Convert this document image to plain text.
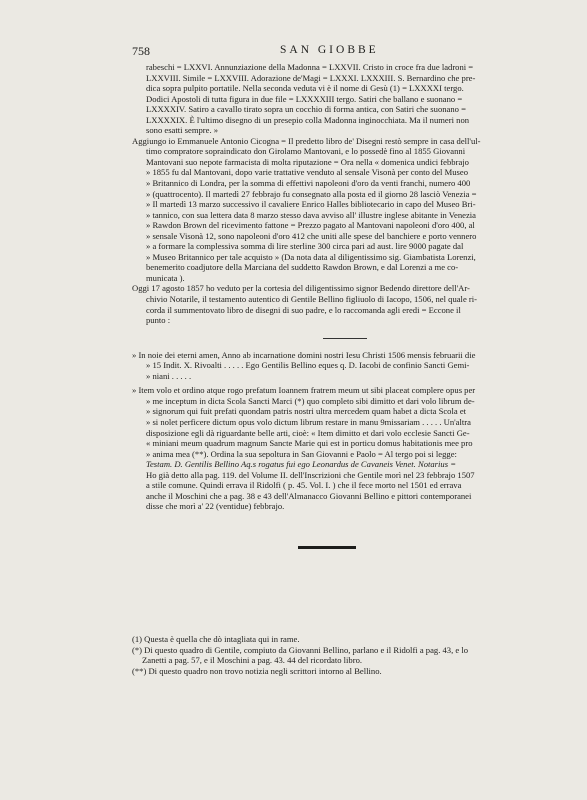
758	SAN GIOBBE

rabeschi = LXXVI. Annunziazione della Madonna = LXXVII. Cristo in croce fra due ladroni =

LXXVIII. Simile = LXXVIII. Adorazione de'Magi = LXXXI. LXXXIII. S. Bernardino che pre-

dica sopra pulpito portatile. Nella seconda veduta vi è il nome di Gesù (1) = LXXXXI tergo.

Dodici Apostoli di tutta figura in due file = LXXXXIII tergo. Satiri che ballano e suonano =

LXXXXIV. Satiro a cavallo tirato sopra un cocchio di forma antica, con Satiri che suonano =

LXXXXIX. È l'ultimo disegno di un presepio colla Madonna inginocchiata. Ma il numeri non

sono esatti sempre. »

Aggiungo io Emmanuele Antonio Cicogna = Il predetto libro de' Disegni restò sempre in casa dell'ul-

timo compratore sopraindicato don Girolamo Mantovani, e lo possedè fino al 1855 Giovanni

Mantovani suo nepote farmacista di molta riputazione = Ora nella « domenica undici febbrajo

» 1855 fu dal Mantovani, dopo varie trattative venduto al sensale Visonà per conto del Museo

» Britannico di Londra, per la somma di effettivi napoleoni d'oro da venti franchi, numero 400

» (quattrocento). Il martedì 27 febbrajo fu consegnato alla posta ed il giorno 28 lasciò Venezia =

» Il martedì 13 marzo successivo il cavaliere Enrico Halles bibliotecario in capo del Museo Bri-

» tannico, con sua lettera data 8 marzo stesso dava avviso all' illustre inglese abitante in Venezia

» Rawdon Brown del ricevimento fattone = Prezzo pagato al Mantovani napoleoni d'oro 400, al

» sensale Visonà 12, sono napoleoni d'oro 412 che uniti alle spese del banchiere e porto vennero

» a formare la complessiva somma di lire sterline 300 circa pari ad aust. lire 9000 pagate dal

» Museo Britannico per tale acquisto » (Da nota data al diligentissimo sig. Giambatista Lorenzi,

benemerito coadjutore della Marciana del suddetto Rawdon Brown, e dal Lorenzi a me co-

municata ).

Oggi 17 agosto 1857 ho veduto per la cortesia del diligentissimo signor Bedendo direttore dell'Ar-

chivio Notarile, il testamento autentico di Gentile Bellino figliuolo di Iacopo, 1506, nel quale ri-

corda il summentovato libro de disegni di suo padre, e lo raccomanda agli eredi = Eccone il

punto :

» In noie dei eterni amen, Anno ab incarnatione domini nostri Iesu Christi 1506 mensis februarii die

» 15 Indit. X. Rivoalti . . . . . Ego Gentilis Bellino eques q. D. Iacobi de confinio Sancti Gemi-

» niani . . . . .

» Item volo et ordino atque rogo prefatum Ioannem fratrem meum ut sibi placeat complere opus per

» me inceptum in dicta Scola Sancti Marci (*) quo completo sibi dimitto et dari volo librum de-

» signorum qui fuit prefati quondam patris nostri ultra mercedem quam habet a dicta Scola et

» si nolet perficere dictum opus volo dictum librum restare in manu 9missariam . . . . . Un'altra

disposizione egli dà riguardante belle arti, cioè: « Item dimitto et dari volo ecclesie Sancti Ge-

« miniani meum quadrum magnum Sancte Marie qui est in porticu domus habitationis mee pro

» anima mea (**). Ordina la sua sepoltura in San Giovanni e Paolo = Al tergo poi si legge:

Testam. D. Gentilis Bellino Aq.s rogatus fui ego Leonardus de Cavaneis Venet. Notarius =

Ho già detto alla pag. 119. del Volume II. dell'Inscrizioni che Gentile morì nel 23 febbrajo 1507

a stile comune. Quindi errava il Ridolfi ( p. 45. Vol. I. ) che il fece morto nel 1501 ed errava

anche il Moschini che a pag. 38 e 43 dell'Almanacco Giovanni Bellino e pittori contemporanei

disse che morì a' 22 (ventidue) febbrajo.

(1) Questa è quella che dò intagliata qui in rame.

(*) Di questo quadro di Gentile, compiuto da Giovanni Bellino, parlano e il Ridolfi a pag. 43, e lo

Zanetti a pag. 57, e il Moschini a pag. 43. 44 del ricordato libro.

(**) Di questo quadro non trovo notizia negli scrittori intorno al Bellino.
